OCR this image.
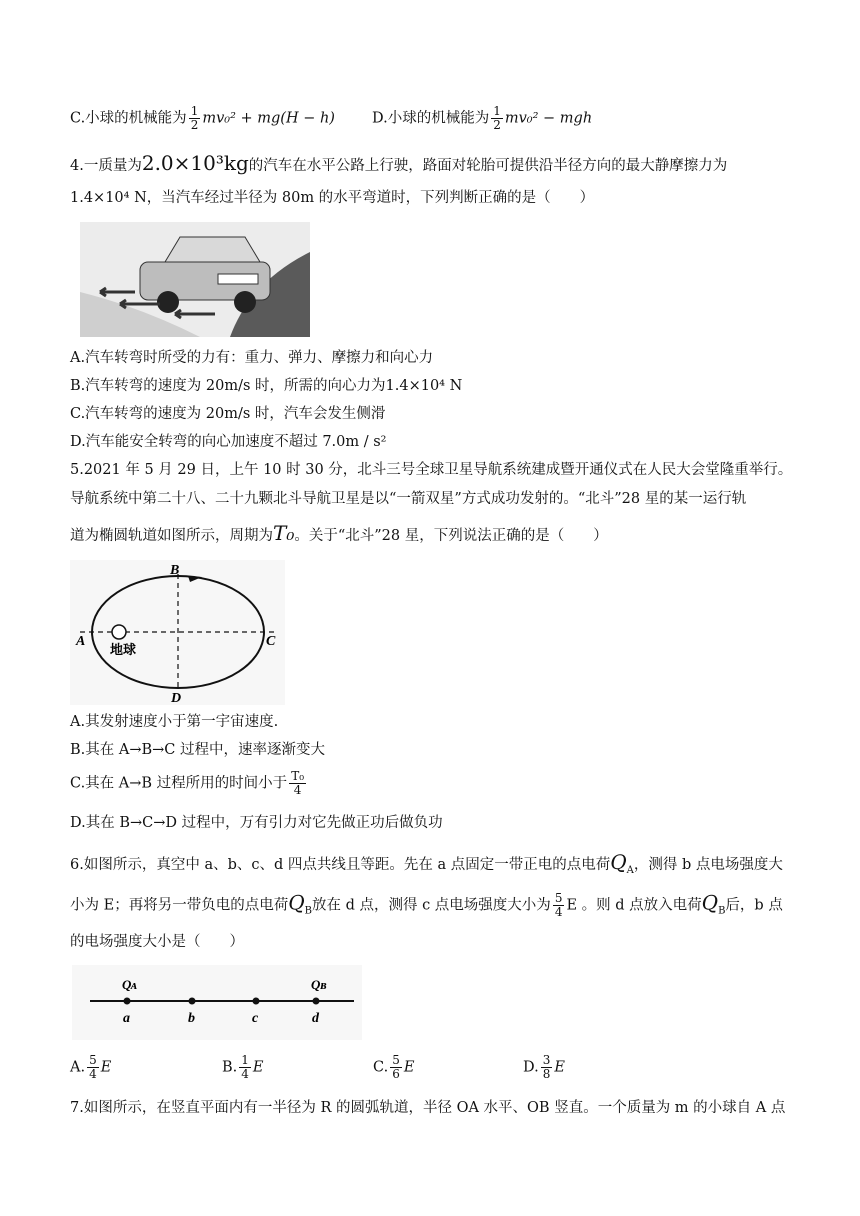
C.小球的机械能为 $\frac{1}{2} mv_0^2 + mg(H - h)$	D.小球的机械能为 $\frac{1}{2} mv_0^2$ − mgh
4.一质量为2.0×10³kg的汽车在水平公路上行驶，路面对轮胎可提供沿半径方向的最大静摩擦力为
1.4×10⁴ N，当汽车经过半径为 80m 的水平弯道时，下列判断正确的是（　　）
A.汽车转弯时所受的力有：重力、弹力、摩擦力和向心力
B.汽车转弯的速度为 20m/s 时，所需的向心力为1.4×10⁴ N
C.汽车转弯的速度为 20m/s 时，汽车会发生侧滑
D.汽车能安全转弯的向心加速度不超过 7.0m / s²
5.2021 年 5 月 29 日，上午 10 时 30 分，北斗三号全球卫星导航系统建成暨开通仪式在人民大会堂隆重举行。
导航系统中第二十八、二十九颗北斗导航卫星是以“一箭双星”方式成功发射的。“北斗”28 星的某一运行轨
道为椭圆轨道如图所示，周期为T₀。关于“北斗”28 星，下列说法正确的是（　　）
B
A	C
D
地球
A.其发射速度小于第一宇宙速度.
B.其在 A→B→C 过程中，速率逐渐变大
C.其在 A→B 过程所用的时间小于 $\frac{\text{T₀}}{4}$
D.其在 B→C→D 过程中，万有引力对它先做正功后做负功
6.如图所示，真空中 a、b、c、d 四点共线且等距。先在 a 点固定一带正电的点电荷$Q_A$，测得 b 点电场强度大
小为 E；再将另一带负电的点电荷$Q_B$放在 d 点，测得 c 点电场强度大小为 $\frac{5}{4}$ E 。则 d 点放入电荷$Q_B$后，b 点
的电场强度大小是（　　）
Qᴀ	Qʙ
a	b	c	d
A. $\frac{5}{4}$ E	B. $\frac{1}{4}$ E	C. $\frac{5}{6}$ E	D. $\frac{3}{8}$ E
7.如图所示，在竖直平面内有一半径为 R 的圆弧轨道，半径 OA 水平、OB 竖直。一个质量为 m 的小球自 A 点
